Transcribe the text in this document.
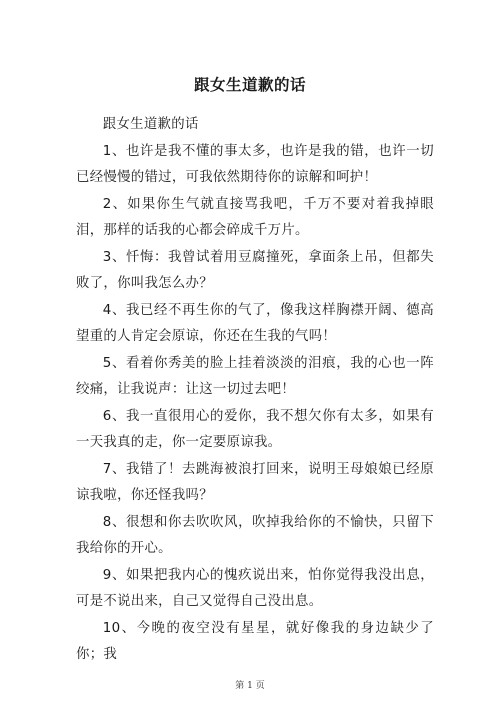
跟女生道歉的话

跟女生道歉的话

1、也许是我不懂的事太多，也许是我的错，也许一切已经慢慢的错过，可我依然期待你的谅解和呵护！

2、如果你生气就直接骂我吧，千万不要对着我掉眼泪，那样的话我的心都会碎成千万片。

3、忏悔：我曾试着用豆腐撞死，拿面条上吊，但都失败了，你叫我怎么办？

4、我已经不再生你的气了，像我这样胸襟开阔、德高望重的人肯定会原谅，你还在生我的气吗！

5、看着你秀美的脸上挂着淡淡的泪痕，我的心也一阵绞痛，让我说声：让这一切过去吧！

6、我一直很用心的爱你，我不想欠你有太多，如果有一天我真的走，你一定要原谅我。

7、我错了！去跳海被浪打回来，说明王母娘娘已经原谅我啦，你还怪我吗？

8、很想和你去吹吹风，吹掉我给你的不愉快，只留下我给你的开心。

9、如果把我内心的愧疚说出来，怕你觉得我没出息，可是不说出来，自己又觉得自己没出息。

10、今晚的夜空没有星星，就好像我的身边缺少了你；我

第 1 页
